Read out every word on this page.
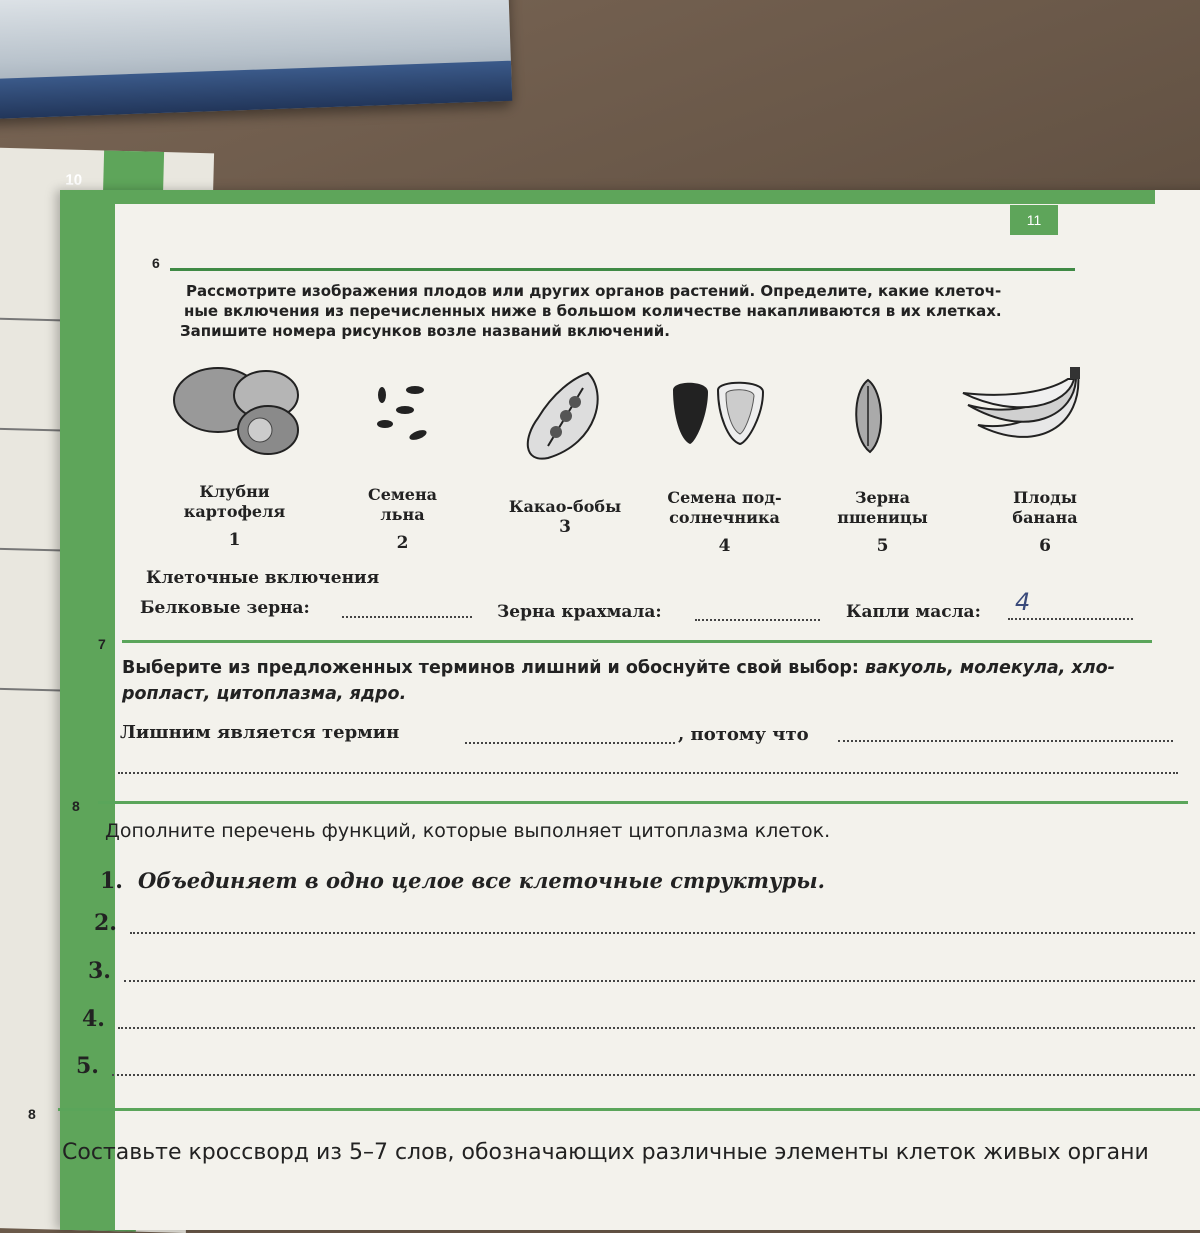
10
11
6
Рассмотрите изображения плодов или других органов растений. Определите, какие клеточ-
ные включения из перечисленных ниже в большом количестве накапливаются в их клетках.
Запишите номера рисунков возле названий включений.
Клубни
картофеля
1
Семена
льна
2
Какао-бобы

3
Семена под-
солнечника
4
Зерна
пшеницы
5
Плоды
банана
6
Клеточные включения
Белковые зерна:	Зерна крахмала:	Капли масла: 4
7
Выберите из предложенных терминов лишний и обоснуйте свой выбор: вакуоль, молекула, хло-
ропласт, цитоплазма, ядро.
Лишним является термин	, потому что
8
Дополните перечень функций, которые выполняет цитоплазма клеток.
1. Объединяет в одно целое все клеточные структуры.
2.
3.
4.
5.
8
Составьте кроссворд из 5–7 слов, обозначающих различные элементы клеток живых органи
